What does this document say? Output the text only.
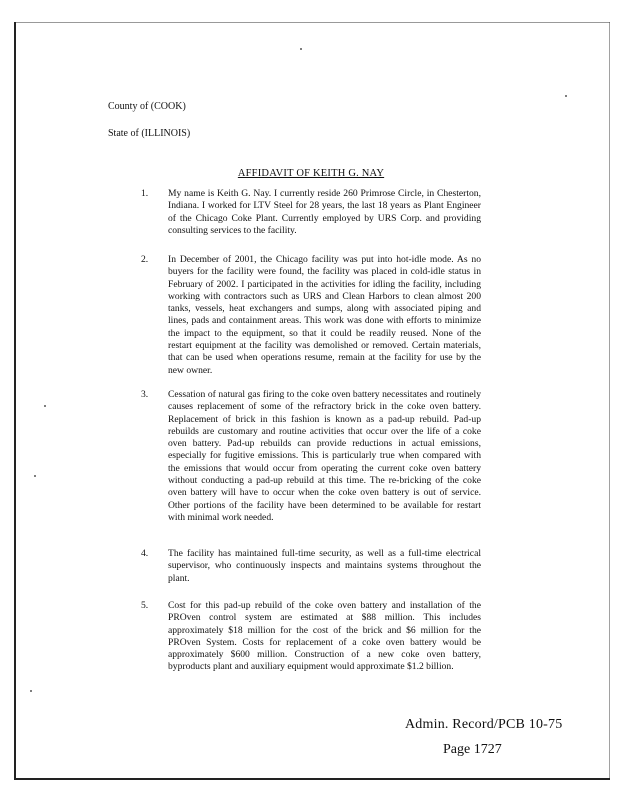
County of (COOK)
State of (ILLINOIS)
AFFIDAVIT OF KEITH G. NAY
1.	My name is Keith G. Nay. I currently reside 260 Primrose Circle, in Chesterton, Indiana. I worked for LTV Steel for 28 years, the last 18 years as Plant Engineer of the Chicago Coke Plant. Currently employed by URS Corp. and providing consulting services to the facility.
2.	In December of 2001, the Chicago facility was put into hot-idle mode. As no buyers for the facility were found, the facility was placed in cold-idle status in February of 2002. I participated in the activities for idling the facility, including working with contractors such as URS and Clean Harbors to clean almost 200 tanks, vessels, heat exchangers and sumps, along with associated piping and lines, pads and containment areas. This work was done with efforts to minimize the impact to the equipment, so that it could be readily reused. None of the restart equipment at the facility was demolished or removed. Certain materials, that can be used when operations resume, remain at the facility for use by the new owner.
3.	Cessation of natural gas firing to the coke oven battery necessitates and routinely causes replacement of some of the refractory brick in the coke oven battery. Replacement of brick in this fashion is known as a pad-up rebuild. Pad-up rebuilds are customary and routine activities that occur over the life of a coke oven battery. Pad-up rebuilds can provide reductions in actual emissions, especially for fugitive emissions. This is particularly true when compared with the emissions that would occur from operating the current coke oven battery without conducting a pad-up rebuild at this time. The re-bricking of the coke oven battery will have to occur when the coke oven battery is out of service. Other portions of the facility have been determined to be available for restart with minimal work needed.
4.	The facility has maintained full-time security, as well as a full-time electrical supervisor, who continuously inspects and maintains systems throughout the plant.
5.	Cost for this pad-up rebuild of the coke oven battery and installation of the PROven control system are estimated at $88 million. This includes approximately $18 million for the cost of the brick and $6 million for the PROven System. Costs for replacement of a coke oven battery would be approximately $600 million. Construction of a new coke oven battery, byproducts plant and auxiliary equipment would approximate $1.2 billion.
Admin. Record/PCB 10-75
Page 1727
